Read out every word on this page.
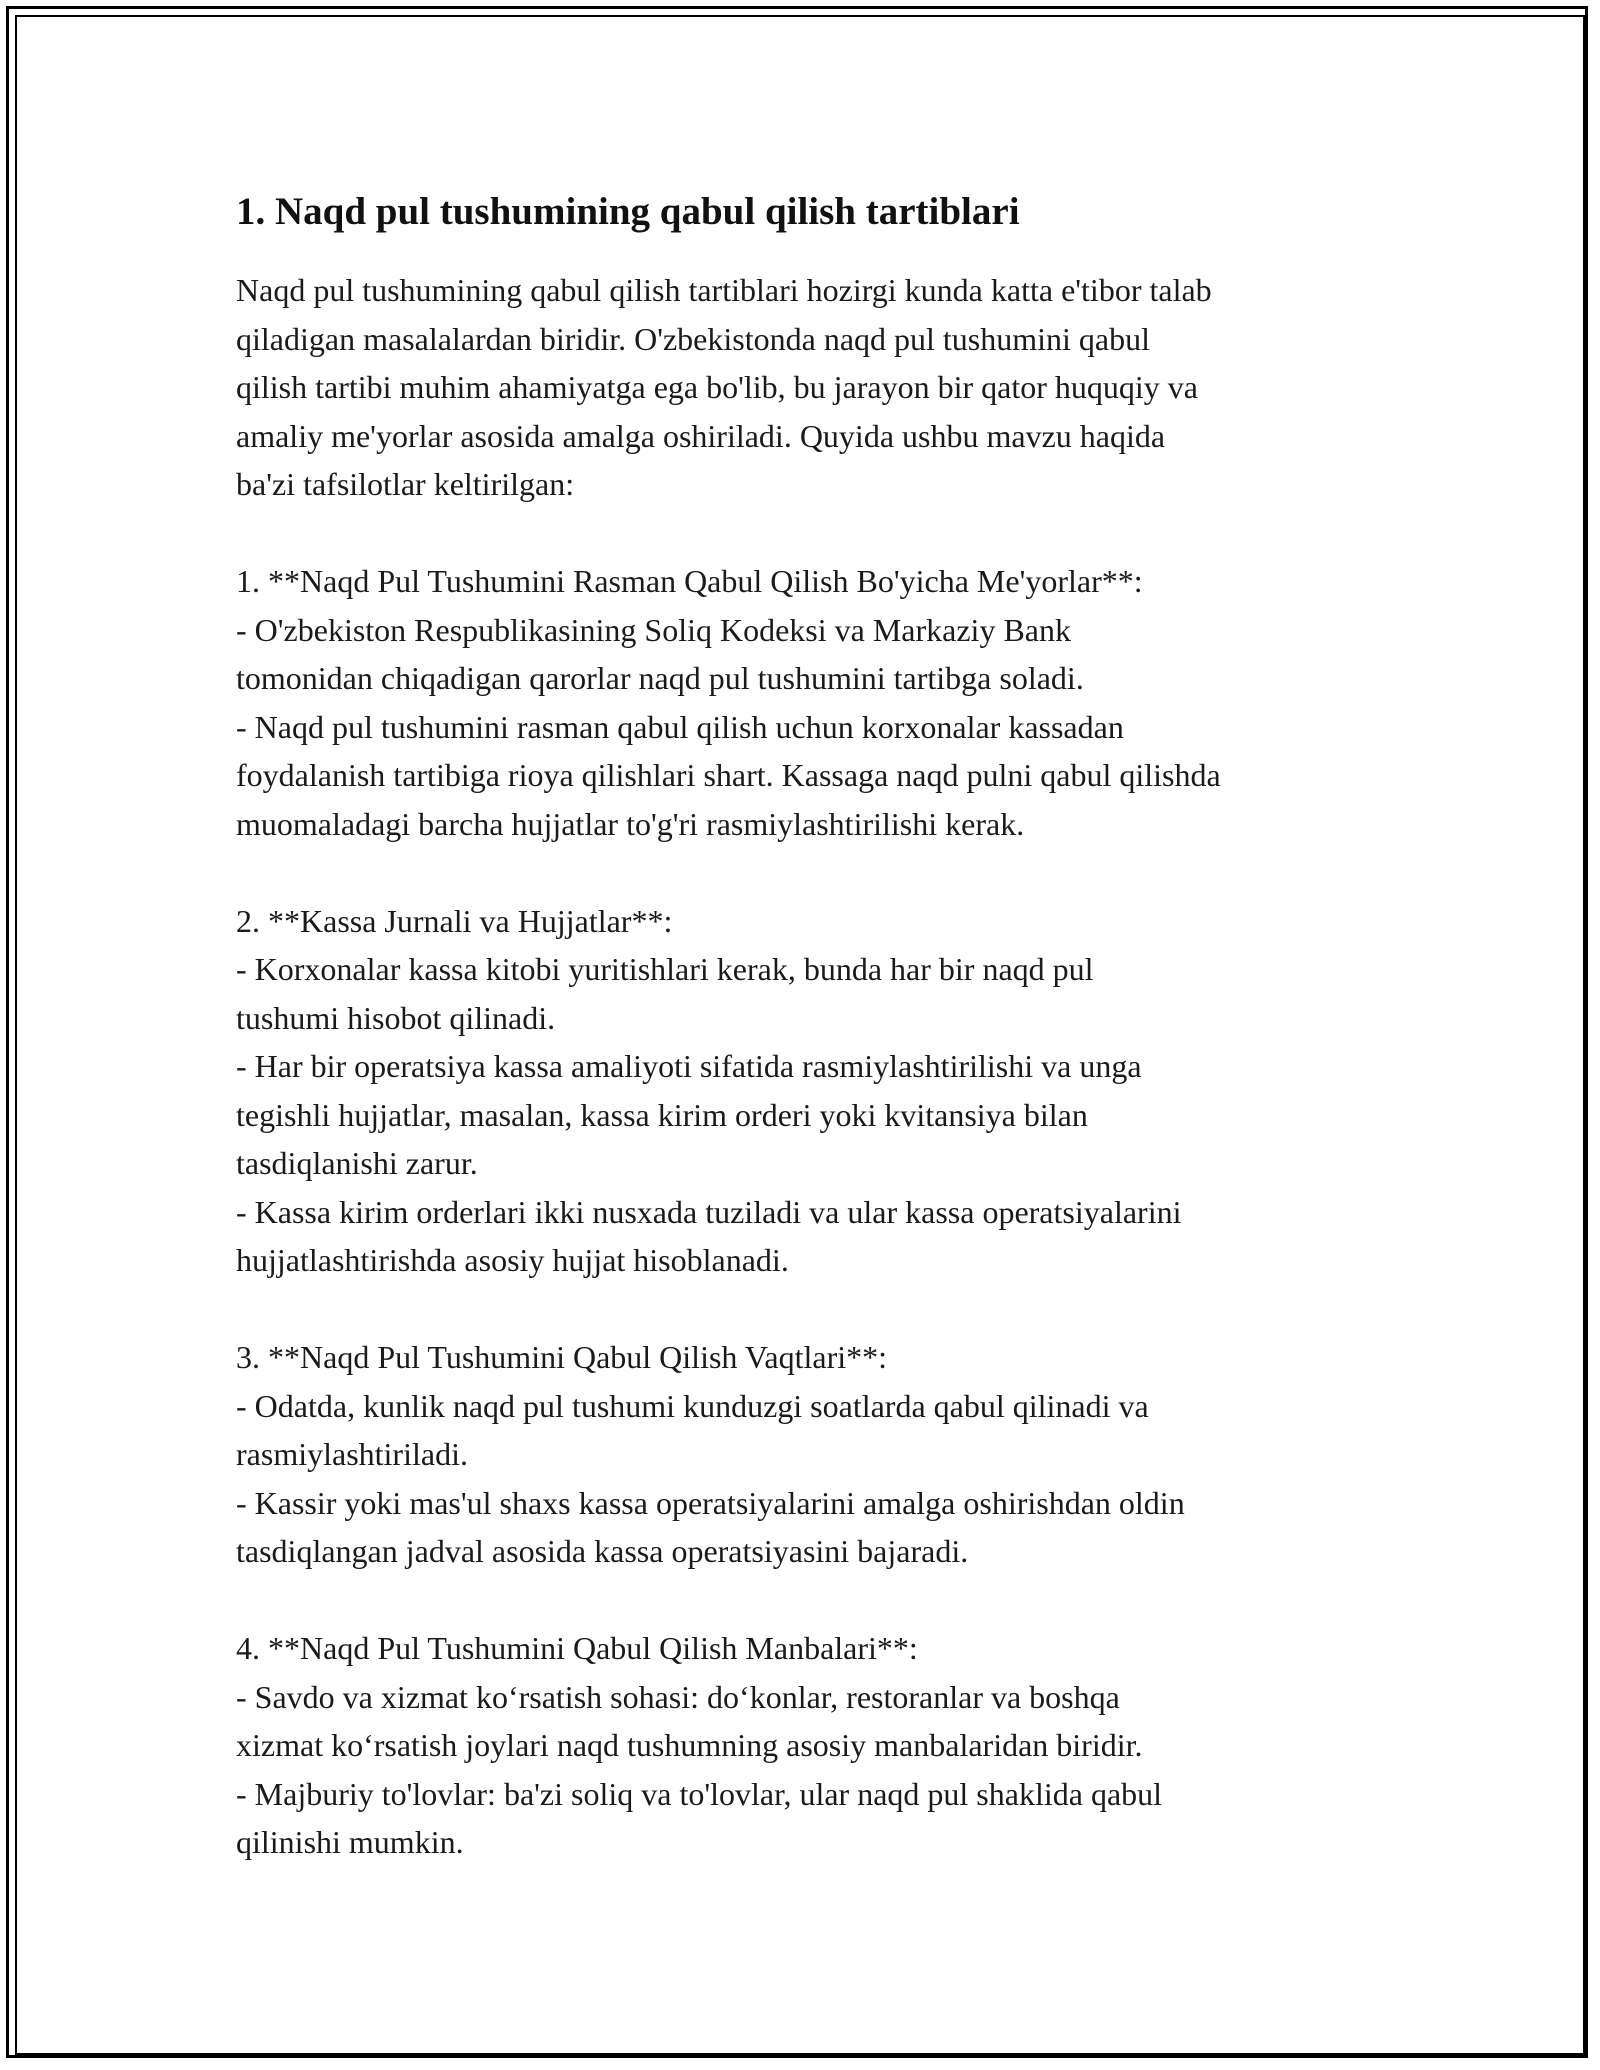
1. Naqd pul tushumining qabul qilish tartiblari

Naqd pul tushumining qabul qilish tartiblari hozirgi kunda katta e'tibor talab
qiladigan masalalardan biridir. O'zbekistonda naqd pul tushumini qabul
qilish tartibi muhim ahamiyatga ega bo'lib, bu jarayon bir qator huquqiy va
amaliy me'yorlar asosida amalga oshiriladi. Quyida ushbu mavzu haqida
ba'zi tafsilotlar keltirilgan:

1. **Naqd Pul Tushumini Rasman Qabul Qilish Bo'yicha Me'yorlar**:

- O'zbekiston Respublikasining Soliq Kodeksi va Markaziy Bank
tomonidan chiqadigan qarorlar naqd pul tushumini tartibga soladi.

- Naqd pul tushumini rasman qabul qilish uchun korxonalar kassadan
foydalanish tartibiga rioya qilishlari shart. Kassaga naqd pulni qabul qilishda
muomaladagi barcha hujjatlar to'g'ri rasmiylashtirilishi kerak.

2. **Kassa Jurnali va Hujjatlar**:

- Korxonalar kassa kitobi yuritishlari kerak, bunda har bir naqd pul
tushumi hisobot qilinadi.

- Har bir operatsiya kassa amaliyoti sifatida rasmiylashtirilishi va unga
tegishli hujjatlar, masalan, kassa kirim orderi yoki kvitansiya bilan
tasdiqlanishi zarur.

- Kassa kirim orderlari ikki nusxada tuziladi va ular kassa operatsiyalarini
hujjatlashtirishda asosiy hujjat hisoblanadi.

3. **Naqd Pul Tushumini Qabul Qilish Vaqtlari**:

- Odatda, kunlik naqd pul tushumi kunduzgi soatlarda qabul qilinadi va
rasmiylashtiriladi.

- Kassir yoki mas'ul shaxs kassa operatsiyalarini amalga oshirishdan oldin
tasdiqlangan jadval asosida kassa operatsiyasini bajaradi.

4. **Naqd Pul Tushumini Qabul Qilish Manbalari**:

- Savdo va xizmat ko‘rsatish sohasi: do‘konlar, restoranlar va boshqa
xizmat ko‘rsatish joylari naqd tushumning asosiy manbalaridan biridir.

- Majburiy to'lovlar: ba'zi soliq va to'lovlar, ular naqd pul shaklida qabul
qilinishi mumkin.
